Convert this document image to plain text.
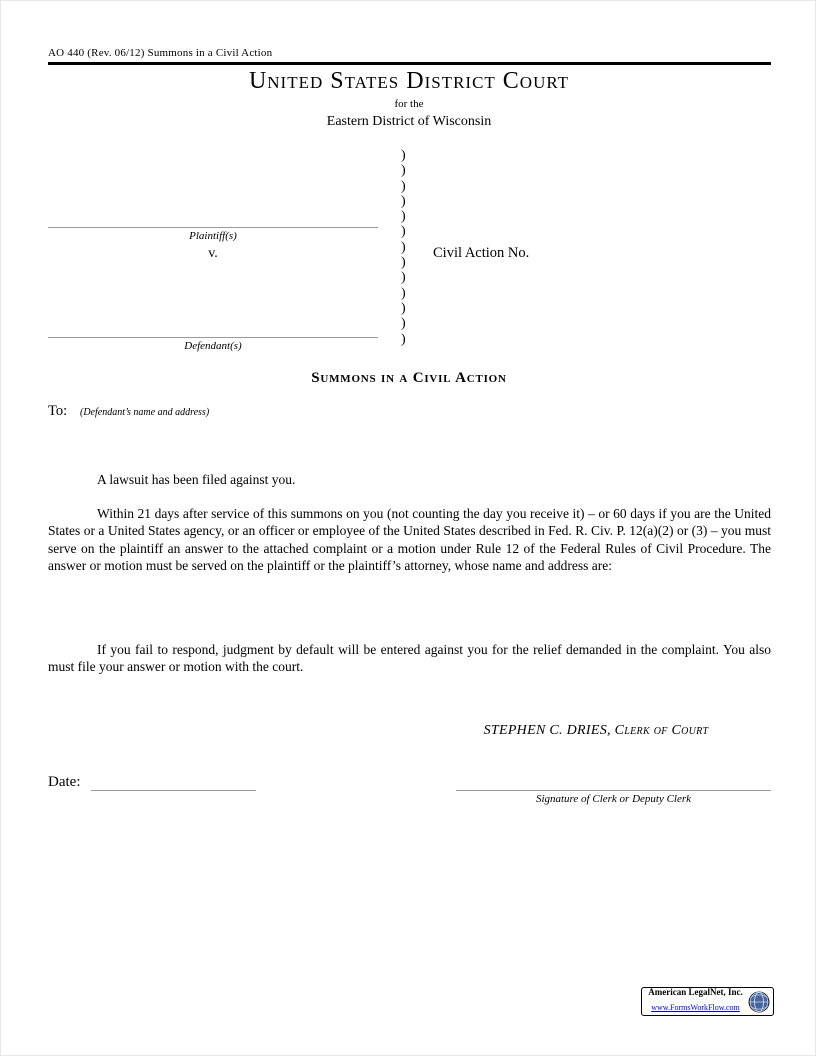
AO 440 (Rev. 06/12) Summons in a Civil Action
United States District Court
for the
Eastern District of Wisconsin
)
)
)
)
)
)
)
)
)
)
)
)
)
Plaintiff(s)
v.
Defendant(s)
Civil Action No.
Summons in a Civil Action
To: (Defendant’s name and address)
A lawsuit has been filed against you.
Within 21 days after service of this summons on you (not counting the day you receive it) – or 60 days if you are the United States or a United States agency, or an officer or employee of the United States described in Fed. R. Civ. P. 12(a)(2) or (3) – you must serve on the plaintiff an answer to the attached complaint or a motion under Rule 12 of the Federal Rules of Civil Procedure. The answer or motion must be served on the plaintiff or the plaintiff’s attorney, whose name and address are:
If you fail to respond, judgment by default will be entered against you for the relief demanded in the complaint. You also must file your answer or motion with the court.
STEPHEN C. DRIES, Clerk of Court
Date:
Signature of Clerk or Deputy Clerk
American LegalNet, Inc.
www.FormsWorkFlow.com
